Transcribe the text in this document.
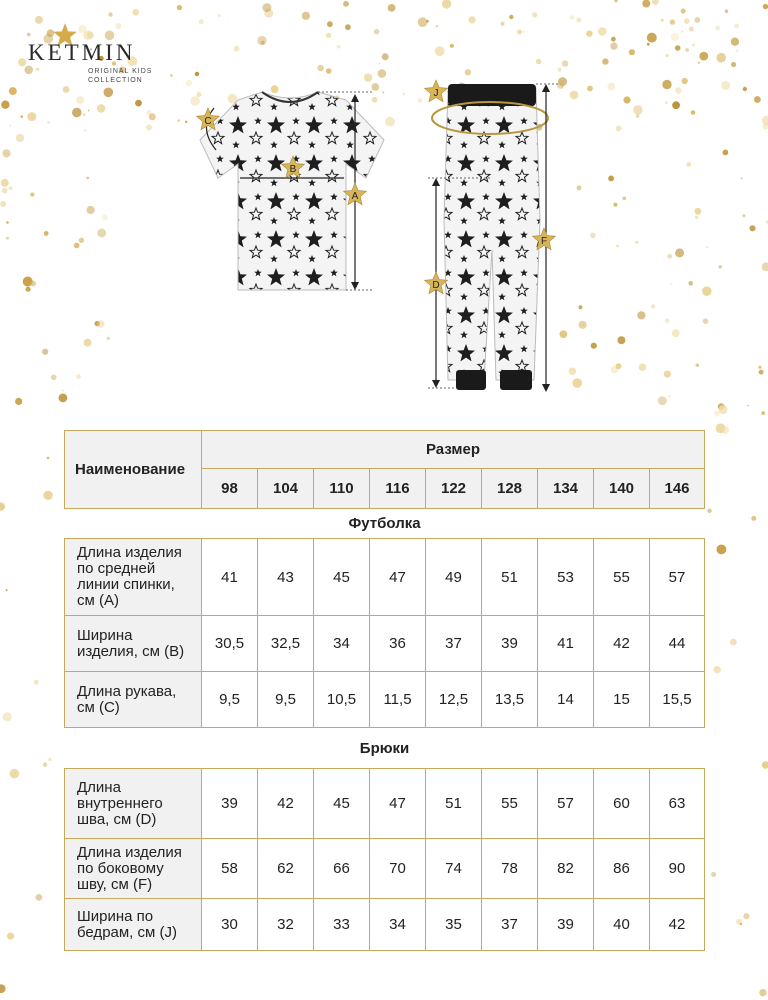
KETMIN
ORIGINAL KIDS
COLLECTION
C
B
A
J
F
D
Наименование	Размер								
	98	104	110	116	122	128	134	140	146
Футболка									
Длина изделия по средней линии спинки, см (A)	41	43	45	47	49	51	53	55	57
Ширина изделия, см (B)	30,5	32,5	34	36	37	39	41	42	44
Длина рукава, см (C)	9,5	9,5	10,5	11,5	12,5	13,5	14	15	15,5
Брюки									
Длина внутреннего шва, см (D)	39	42	45	47	51	55	57	60	63
Длина изделия по боковому шву, см (F)	58	62	66	70	74	78	82	86	90
Ширина по бедрам, см (J)	30	32	33	34	35	37	39	40	42
